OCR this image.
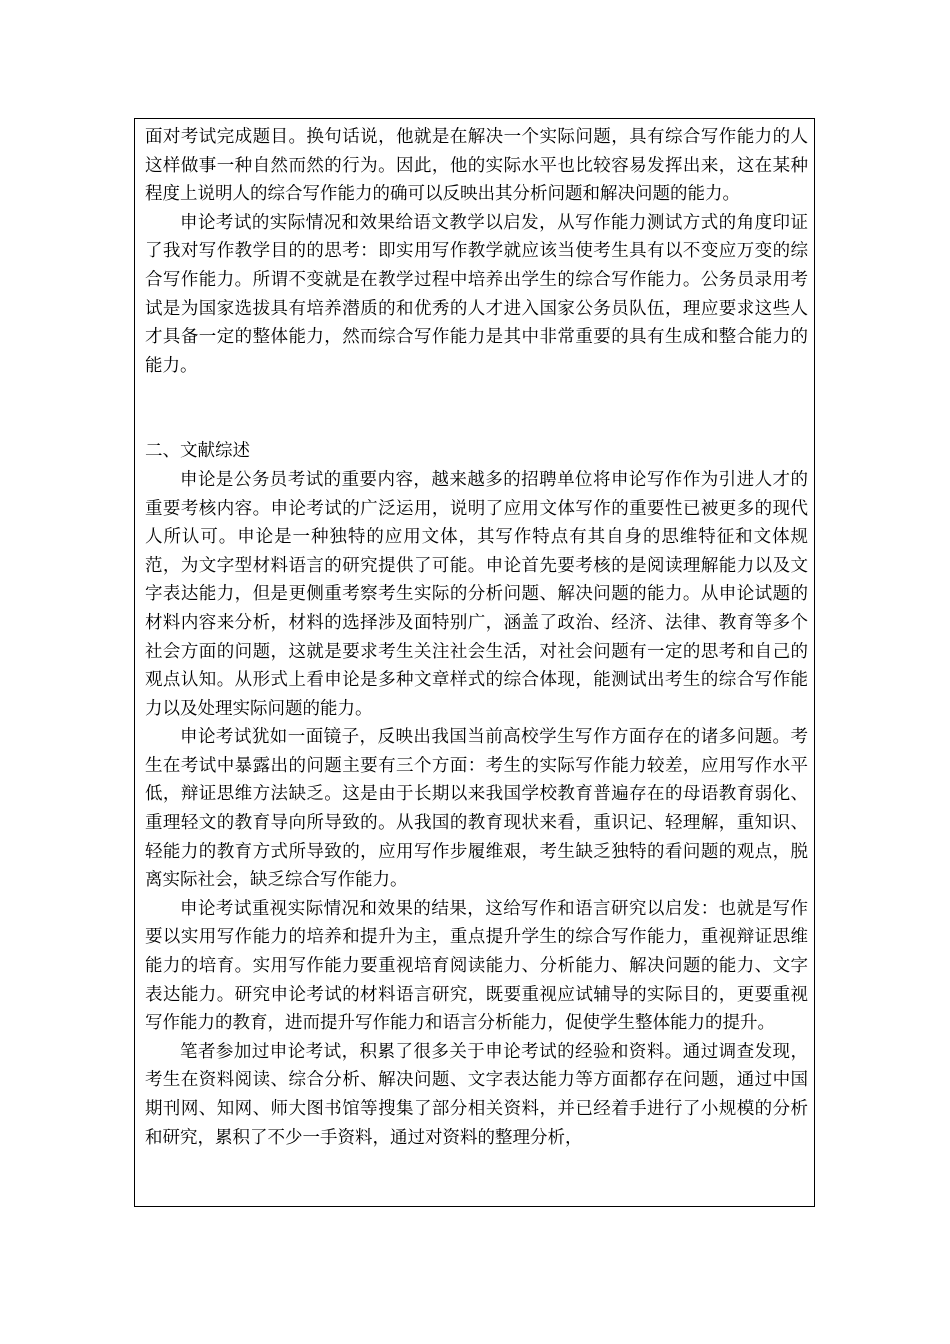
面对考试完成题目。换句话说，他就是在解决一个实际问题，具有综合写作能力的人这样做事一种自然而然的行为。因此，他的实际水平也比较容易发挥出来，这在某种程度上说明人的综合写作能力的确可以反映出其分析问题和解决问题的能力。

申论考试的实际情况和效果给语文教学以启发，从写作能力测试方式的角度印证了我对写作教学目的的思考：即实用写作教学就应该当使考生具有以不变应万变的综合写作能力。所谓不变就是在教学过程中培养出学生的综合写作能力。公务员录用考试是为国家选拔具有培养潜质的和优秀的人才进入国家公务员队伍，理应要求这些人才具备一定的整体能力，然而综合写作能力是其中非常重要的具有生成和整合能力的能力。

二、文献综述

申论是公务员考试的重要内容，越来越多的招聘单位将申论写作作为引进人才的重要考核内容。申论考试的广泛运用，说明了应用文体写作的重要性已被更多的现代人所认可。申论是一种独特的应用文体，其写作特点有其自身的思维特征和文体规范，为文字型材料语言的研究提供了可能。申论首先要考核的是阅读理解能力以及文字表达能力，但是更侧重考察考生实际的分析问题、解决问题的能力。从申论试题的材料内容来分析，材料的选择涉及面特别广，涵盖了政治、经济、法律、教育等多个社会方面的问题，这就是要求考生关注社会生活，对社会问题有一定的思考和自己的观点认知。从形式上看申论是多种文章样式的综合体现，能测试出考生的综合写作能力以及处理实际问题的能力。

申论考试犹如一面镜子，反映出我国当前高校学生写作方面存在的诸多问题。考生在考试中暴露出的问题主要有三个方面：考生的实际写作能力较差，应用写作水平低，辩证思维方法缺乏。这是由于长期以来我国学校教育普遍存在的母语教育弱化、重理轻文的教育导向所导致的。从我国的教育现状来看，重识记、轻理解，重知识、轻能力的教育方式所导致的，应用写作步履维艰，考生缺乏独特的看问题的观点，脱离实际社会，缺乏综合写作能力。

申论考试重视实际情况和效果的结果，这给写作和语言研究以启发：也就是写作要以实用写作能力的培养和提升为主，重点提升学生的综合写作能力，重视辩证思维能力的培育。实用写作能力要重视培育阅读能力、分析能力、解决问题的能力、文字表达能力。研究申论考试的材料语言研究，既要重视应试辅导的实际目的，更要重视写作能力的教育，进而提升写作能力和语言分析能力，促使学生整体能力的提升。

笔者参加过申论考试，积累了很多关于申论考试的经验和资料。通过调查发现，考生在资料阅读、综合分析、解决问题、文字表达能力等方面都存在问题，通过中国期刊网、知网、师大图书馆等搜集了部分相关资料，并已经着手进行了小规模的分析和研究，累积了不少一手资料，通过对资料的整理分析，
